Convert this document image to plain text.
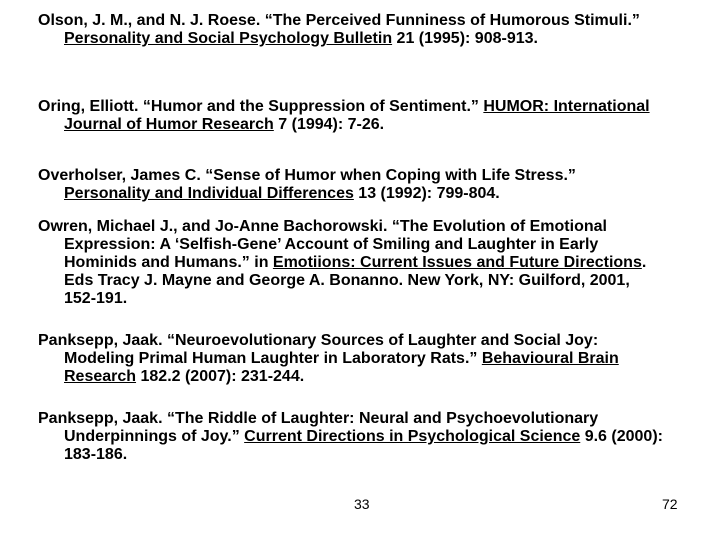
Olson, J. M., and N. J. Roese. “The Perceived Funniness of Humorous Stimuli.” Personality and Social Psychology Bulletin 21 (1995): 908-913.

Oring, Elliott. “Humor and the Suppression of Sentiment.” HUMOR: International Journal of Humor Research 7 (1994): 7-26.

Overholser, James C. “Sense of Humor when Coping with Life Stress.” Personality and Individual Differences 13 (1992): 799-804.

Owren, Michael J., and Jo-Anne Bachorowski. “The Evolution of Emotional Expression: A ‘Selfish-Gene’ Account of Smiling and Laughter in Early Hominids and Humans.” in Emotiions: Current Issues and Future Directions. Eds Tracy J. Mayne and George A. Bonanno. New York, NY: Guilford, 2001, 152-191.

Panksepp, Jaak. “Neuroevolutionary Sources of Laughter and Social Joy: Modeling Primal Human Laughter in Laboratory Rats.” Behavioural Brain Research 182.2 (2007): 231-244.

Panksepp, Jaak. “The Riddle of Laughter: Neural and Psychoevolutionary Underpinnings of Joy.” Current Directions in Psychological Science 9.6 (2000): 183-186.

33	72
